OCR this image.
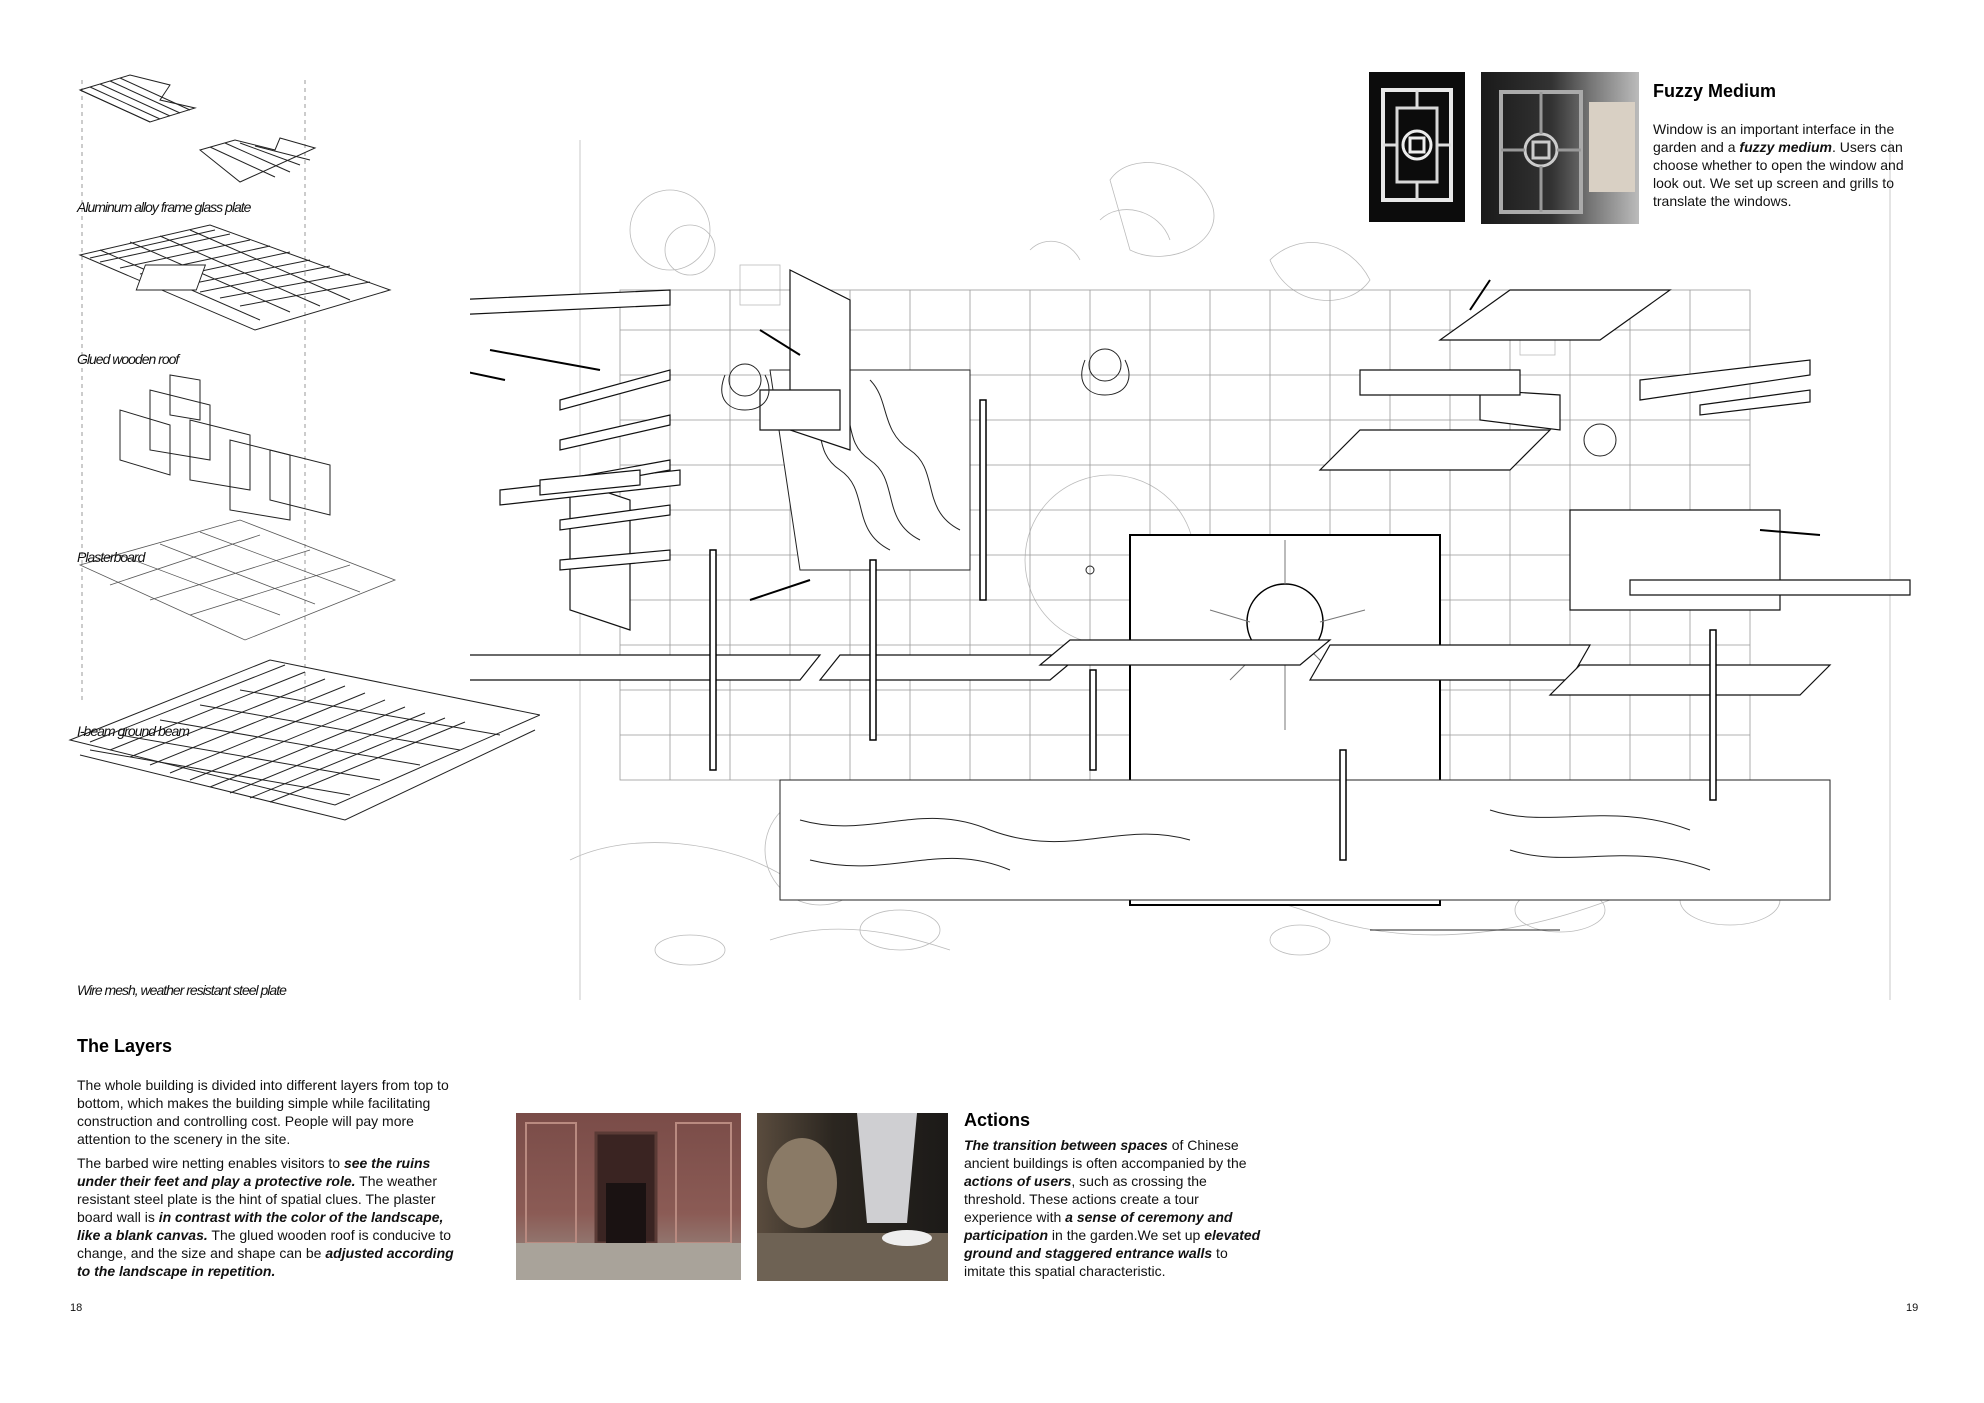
Aluminum alloy frame glass plate
Glued wooden roof
Plasterboard
I-beam ground beam
Wire mesh, weather resistant steel plate
The Layers
The whole building is divided into different layers from top to bottom, which makes the building simple while facilitating construction and controlling cost. People will pay more attention to the scenery in the site.
The barbed wire netting enables visitors to see the ruins under their feet and play a protective role. The weather resistant steel plate is the hint of spatial clues. The plaster board wall is in contrast with the color of the landscape, like a blank canvas. The glued wooden roof is conducive to change, and the size and shape can be adjusted according to the landscape in repetition.
18
Fuzzy Medium
Window is an important interface in the garden and a fuzzy medium. Users can choose whether to open the window and look out. We set up screen and grills to translate the windows.
Actions
The transition between spaces of Chinese ancient buildings is often accompanied by the actions of users, such as crossing the threshold. These actions create a tour experience with a sense of ceremony and participation in the garden.We set up elevated ground and staggered entrance walls to imitate this spatial characteristic.
19
